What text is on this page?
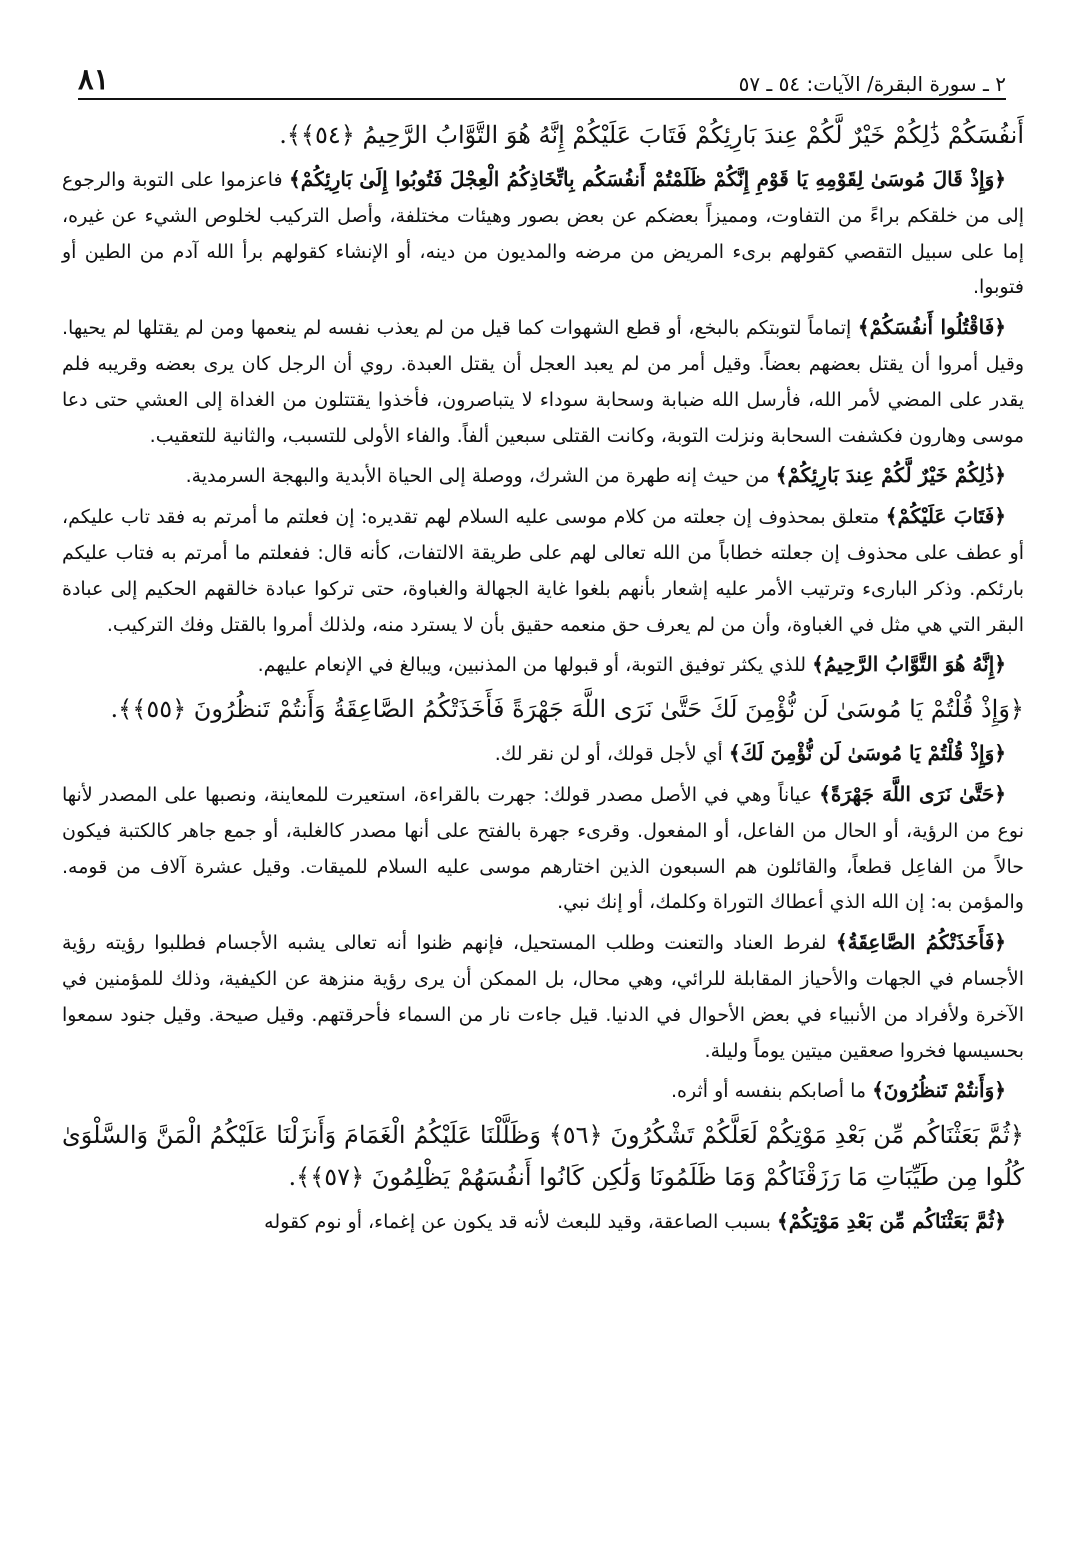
٨١	٢ ـ سورة البقرة/ الآيات: ٥٤ ـ ٥٧

أَنفُسَكُمْ ذَٰلِكُمْ خَيْرٌ لَّكُمْ عِندَ بَارِئِكُمْ فَتَابَ عَلَيْكُمْ إِنَّهُ هُوَ التَّوَّابُ الرَّحِيمُ ﴿٥٤﴾﴾.

﴿وَإِذْ قَالَ مُوسَىٰ لِقَوْمِهِ يَا قَوْمِ إِنَّكُمْ ظَلَمْتُمْ أَنفُسَكُم بِاتِّخَاذِكُمُ الْعِجْلَ فَتُوبُوا إِلَىٰ بَارِئِكُمْ﴾ فاعزموا على التوبة والرجوع إلى من خلقكم براءً من التفاوت، ومميزاً بعضكم عن بعض بصور وهيئات مختلفة، وأصل التركيب لخلوص الشيء عن غيره، إما على سبيل التقصي كقولهم برىء المريض من مرضه والمديون من دينه، أو الإنشاء كقولهم برأ الله آدم من الطين أو فتوبوا.

﴿فَاقْتُلُوا أَنفُسَكُمْ﴾ إتماماً لتوبتكم بالبخع، أو قطع الشهوات كما قيل من لم يعذب نفسه لم ينعمها ومن لم يقتلها لم يحيها. وقيل أمروا أن يقتل بعضهم بعضاً. وقيل أمر من لم يعبد العجل أن يقتل العبدة. روي أن الرجل كان يرى بعضه وقريبه فلم يقدر على المضي لأمر الله، فأرسل الله ضبابة وسحابة سوداء لا يتباصرون، فأخذوا يقتتلون من الغداة إلى العشي حتى دعا موسى وهارون فكشفت السحابة ونزلت التوبة، وكانت القتلى سبعين ألفاً. والفاء الأولى للتسبب، والثانية للتعقيب.

﴿ذَٰلِكُمْ خَيْرٌ لَّكُمْ عِندَ بَارِئِكُمْ﴾ من حيث إنه طهرة من الشرك، ووصلة إلى الحياة الأبدية والبهجة السرمدية.

﴿فَتَابَ عَلَيْكُمْ﴾ متعلق بمحذوف إن جعلته من كلام موسى عليه السلام لهم تقديره: إن فعلتم ما أمرتم به فقد تاب عليكم، أو عطف على محذوف إن جعلته خطاباً من الله تعالى لهم على طريقة الالتفات، كأنه قال: ففعلتم ما أمرتم به فتاب عليكم بارئكم. وذكر البارىء وترتيب الأمر عليه إشعار بأنهم بلغوا غاية الجهالة والغباوة، حتى تركوا عبادة خالقهم الحكيم إلى عبادة البقر التي هي مثل في الغباوة، وأن من لم يعرف حق منعمه حقيق بأن لا يسترد منه، ولذلك أمروا بالقتل وفك التركيب.

﴿إِنَّهُ هُوَ التَّوَّابُ الرَّحِيمُ﴾ للذي يكثر توفيق التوبة، أو قبولها من المذنبين، ويبالغ في الإنعام عليهم.

﴿وَإِذْ قُلْتُمْ يَا مُوسَىٰ لَن نُّؤْمِنَ لَكَ حَتَّىٰ نَرَى اللَّهَ جَهْرَةً فَأَخَذَتْكُمُ الصَّاعِقَةُ وَأَنتُمْ تَنظُرُونَ ﴿٥٥﴾﴾.

﴿وَإِذْ قُلْتُمْ يَا مُوسَىٰ لَن نُّؤْمِنَ لَكَ﴾ أي لأجل قولك، أو لن نقر لك.

﴿حَتَّىٰ نَرَى اللَّهَ جَهْرَةً﴾ عياناً وهي في الأصل مصدر قولك: جهرت بالقراءة، استعيرت للمعاينة، ونصبها على المصدر لأنها نوع من الرؤية، أو الحال من الفاعل، أو المفعول. وقرىء جهرة بالفتح على أنها مصدر كالغلبة، أو جمع جاهر كالكتبة فيكون حالاً من الفاعِل قطعاً، والقائلون هم السبعون الذين اختارهم موسى عليه السلام للميقات. وقيل عشرة آلاف من قومه. والمؤمن به: إن الله الذي أعطاك التوراة وكلمك، أو إنك نبي.

﴿فَأَخَذَتْكُمُ الصَّاعِقَةُ﴾ لفرط العناد والتعنت وطلب المستحيل، فإنهم ظنوا أنه تعالى يشبه الأجسام فطلبوا رؤيته رؤية الأجسام في الجهات والأحياز المقابلة للرائي، وهي محال، بل الممكن أن يرى رؤية منزهة عن الكيفية، وذلك للمؤمنين في الآخرة ولأفراد من الأنبياء في بعض الأحوال في الدنيا. قيل جاءت نار من السماء فأحرقتهم. وقيل صيحة. وقيل جنود سمعوا بحسيسها فخروا صعقين ميتين يوماً وليلة.

﴿وَأَنتُمْ تَنظُرُونَ﴾ ما أصابكم بنفسه أو أثره.

﴿ثُمَّ بَعَثْنَاكُم مِّن بَعْدِ مَوْتِكُمْ لَعَلَّكُمْ تَشْكُرُونَ ﴿٥٦﴾ وَظَلَّلْنَا عَلَيْكُمُ الْغَمَامَ وَأَنزَلْنَا عَلَيْكُمُ الْمَنَّ وَالسَّلْوَىٰ كُلُوا مِن طَيِّبَاتِ مَا رَزَقْنَاكُمْ وَمَا ظَلَمُونَا وَلَٰكِن كَانُوا أَنفُسَهُمْ يَظْلِمُونَ ﴿٥٧﴾﴾.

﴿ثُمَّ بَعَثْنَاكُم مِّن بَعْدِ مَوْتِكُمْ﴾ بسبب الصاعقة، وقيد للبعث لأنه قد يكون عن إغماء، أو نوم كقوله
